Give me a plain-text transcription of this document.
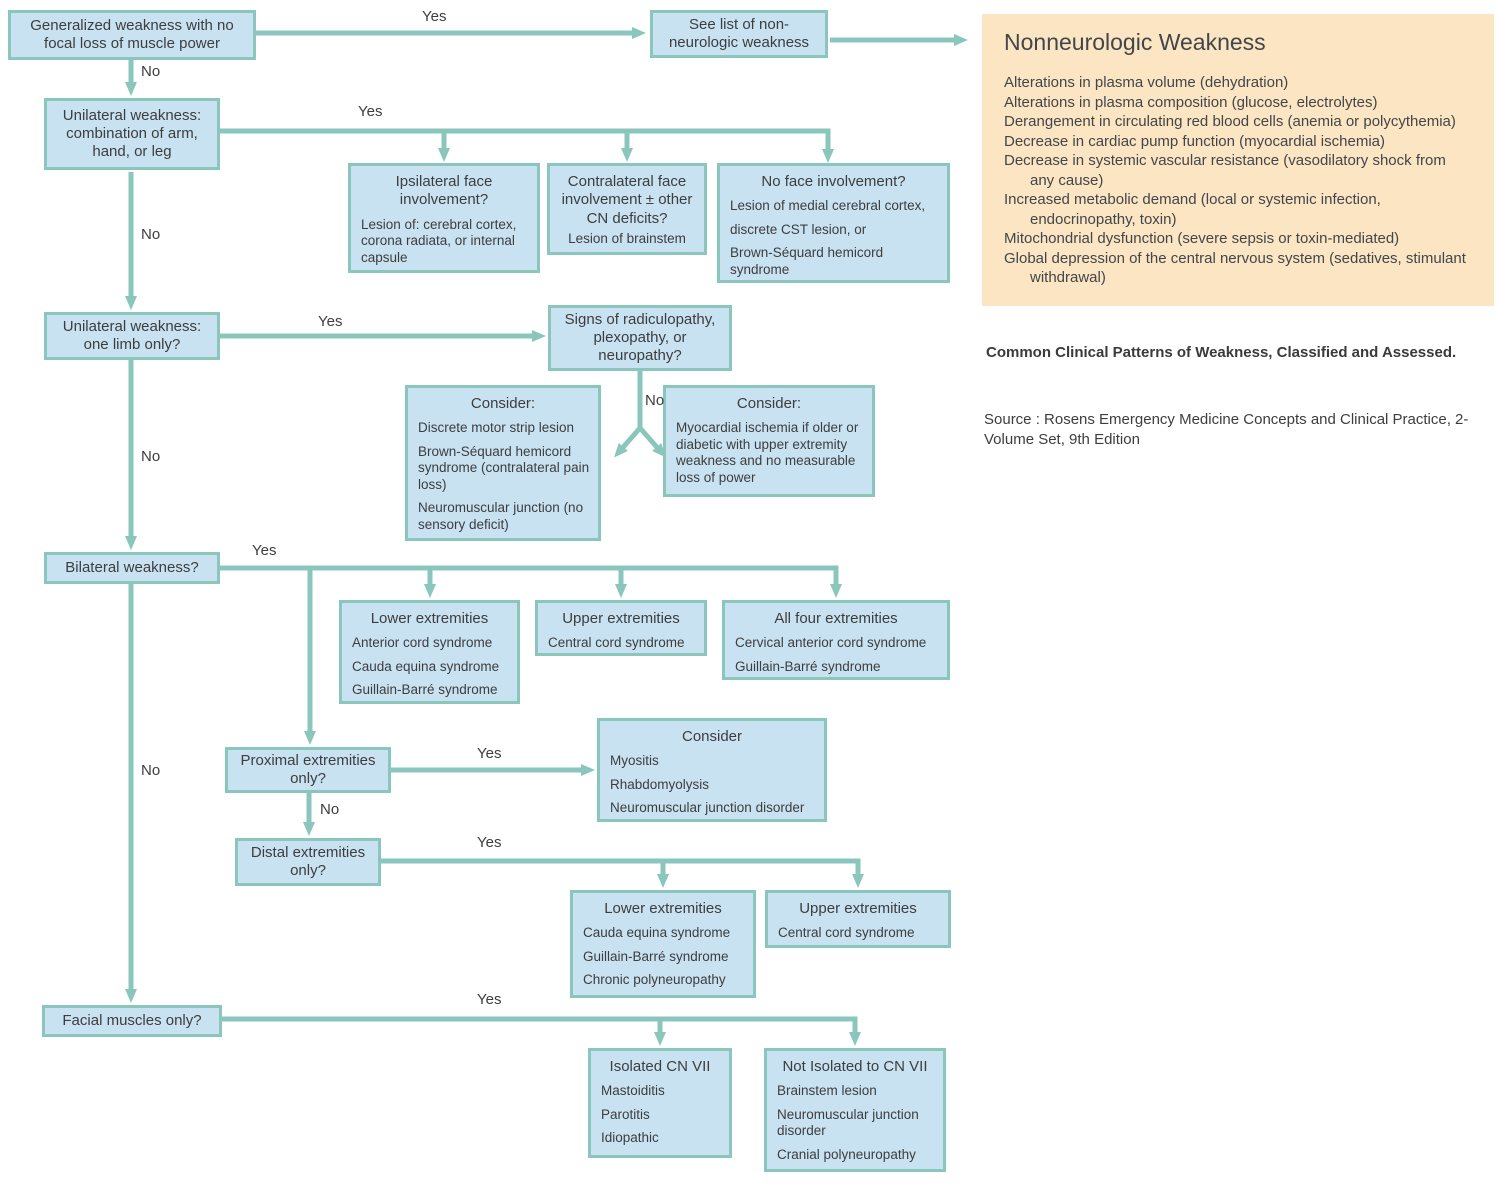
Generalized weakness with no focal loss of muscle power
See list of non-neurologic weakness
Unilateral weakness: combination of arm, hand, or leg
Ipsilateral face involvement?
Lesion of: cerebral cortex, corona radiata, or internal capsule
Contralateral face involvement ± other CN deficits?
Lesion of brainstem
No face involvement?
Lesion of medial cerebral cortex,
discrete CST lesion, or
Brown-Séquard hemicord syndrome
Unilateral weakness: one limb only?
Signs of radiculopathy, plexopathy, or neuropathy?
Consider:
Discrete motor strip lesion
Brown-Séquard hemicord syndrome (contralateral pain loss)
Neuromuscular junction (no sensory deficit)
Consider:
Myocardial ischemia if older or diabetic with upper extremity weakness and no measurable loss of power
Bilateral weakness?
Lower extremities
Anterior cord syndrome
Cauda equina syndrome
Guillain-Barré syndrome
Upper extremities
Central cord syndrome
All four extremities
Cervical anterior cord syndrome
Guillain-Barré syndrome
Proximal extremities only?
Consider
Myositis
Rhabdomyolysis
Neuromuscular junction disorder
Distal extremities only?
Lower extremities
Cauda equina syndrome
Guillain-Barré syndrome
Chronic polyneuropathy
Upper extremities
Central cord syndrome
Facial muscles only?
Isolated CN VII
Mastoiditis
Parotitis
Idiopathic
Not Isolated to CN VII
Brainstem lesion
Neuromuscular junction disorder
Cranial polyneuropathy
Yes
No
Yes
No
Yes
No
No
Yes
Yes
No
Yes
No
Yes
Nonneurologic Weakness
Alterations in plasma volume (dehydration)
Alterations in plasma composition (glucose, electrolytes)
Derangement in circulating red blood cells (anemia or polycythemia)
Decrease in cardiac pump function (myocardial ischemia)
Decrease in systemic vascular resistance (vasodilatory shock from any cause)
Increased metabolic demand (local or systemic infection, endocrinopathy, toxin)
Mitochondrial dysfunction (severe sepsis or toxin-mediated)
Global depression of the central nervous system (sedatives, stimulant withdrawal)
Common Clinical Patterns of Weakness, Classified and Assessed.
Source : Rosens Emergency Medicine Concepts and Clinical Practice, 2-Volume Set, 9th Edition
